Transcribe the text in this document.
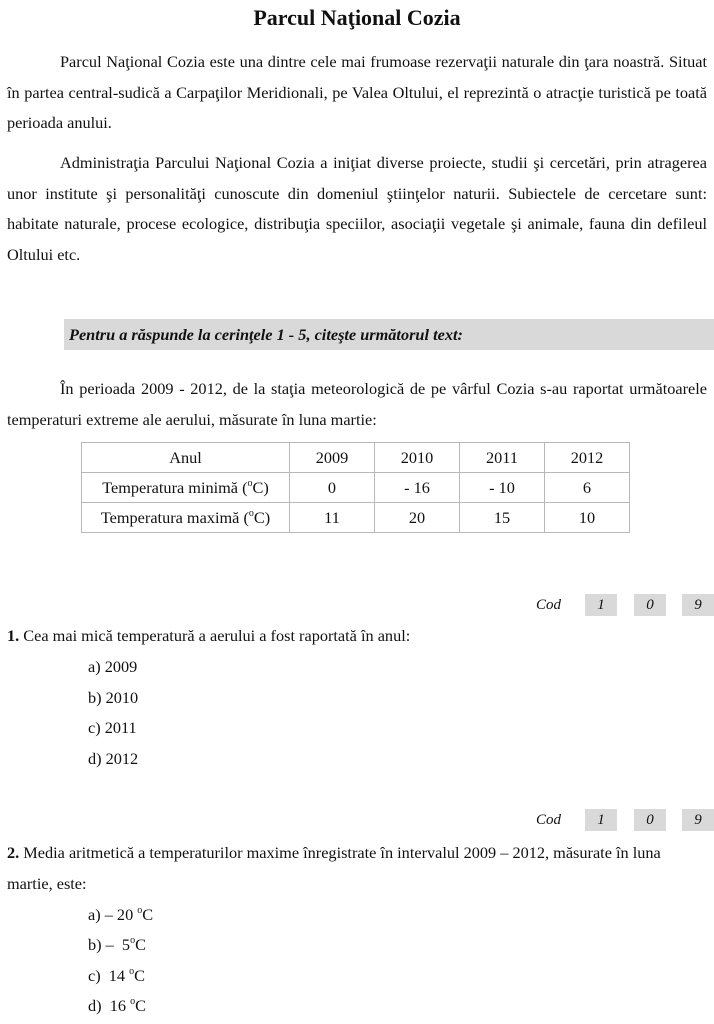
Parcul Naţional Cozia

Parcul Naţional Cozia este una dintre cele mai frumoase rezervaţii naturale din ţara noastră. Situat în partea central-sudică a Carpaţilor Meridionali, pe Valea Oltului, el reprezintă o atracţie turistică pe toată perioada anului.

Administraţia Parcului Naţional Cozia a iniţiat diverse proiecte, studii şi cercetări, prin atragerea unor institute şi personalităţi cunoscute din domeniul ştiinţelor naturii. Subiectele de cercetare sunt: habitate naturale, procese ecologice, distribuţia speciilor, asociaţii vegetale şi animale, fauna din defileul Oltului etc.

Pentru a răspunde la cerinţele 1 - 5, citeşte următorul text:

În perioada 2009 - 2012, de la staţia meteorologică de pe vârful Cozia s-au raportat următoarele temperaturi extreme ale aerului, măsurate în luna martie:

Anul	2009	2010	2011	2012
Temperatura minimă ($^o$C)	0	- 16	- 10	6
Temperatura maximă ($^o$C)	11	20	15	10
Cod	1	0	9

1. Cea mai mică temperatură a aerului a fost raportată în anul:

a) 2009
b) 2010
c) 2011
d) 2012
Cod	1	0	9

2. Media aritmetică a temperaturilor maxime înregistrate în intervalul 2009 – 2012, măsurate în luna martie, este:

a) – 20 $^o$C
b) –  5$^o$C
c)  14 $^o$C
d)  16 $^o$C
